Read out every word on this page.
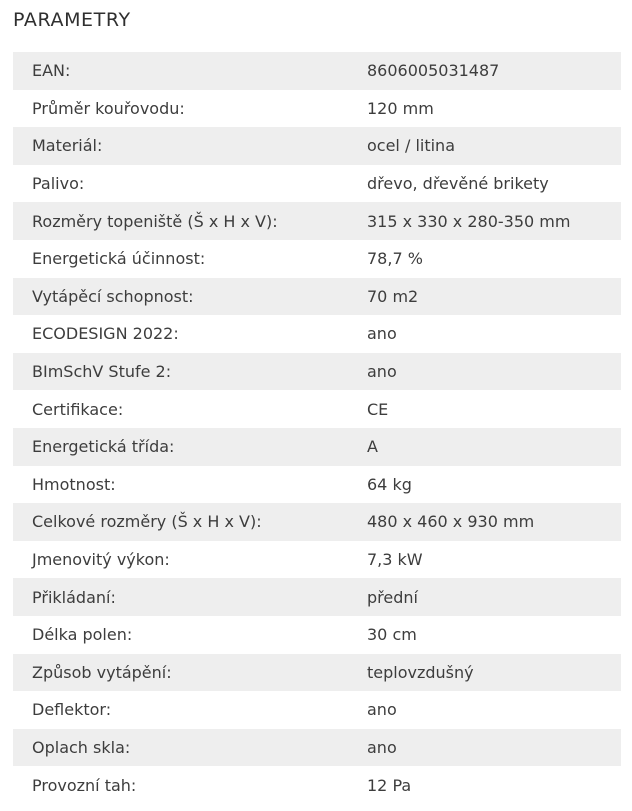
PARAMETRY
EAN:	8606005031487
Průměr kouřovodu:	120 mm
Materiál:	ocel / litina
Palivo:	dřevo, dřevěné brikety
Rozměry topeniště (Š x H x V):	315 x 330 x 280-350 mm
Energetická účinnost:	78,7 %
Vytápěcí schopnost:	70 m2
ECODESIGN 2022:	ano
BImSchV Stufe 2:	ano
Certifikace:	CE
Energetická třída:	A
Hmotnost:	64 kg
Celkové rozměry (Š x H x V):	480 x 460 x 930 mm
Jmenovitý výkon:	7,3 kW
Přikládaní:	přední
Délka polen:	30 cm
Způsob vytápění:	teplovzdušný
Deflektor:	ano
Oplach skla:	ano
Provozní tah:	12 Pa
